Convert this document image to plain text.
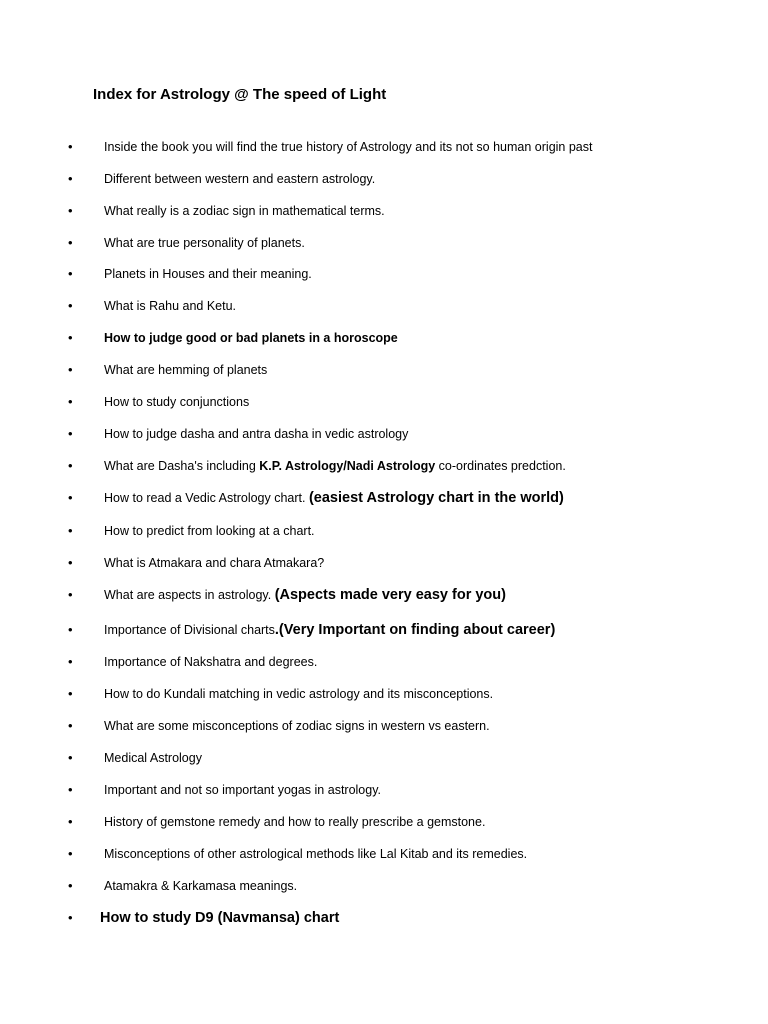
Index for Astrology @ The speed of Light
•	Inside the book you will find the true history of Astrology and its not so human origin past
•	Different between western and eastern astrology.
•	What really is a zodiac sign in mathematical terms.
•	What are true personality of planets.
•	Planets in Houses and their meaning.
•	What is Rahu and Ketu.
•	How to judge good or bad planets in a horoscope
•	What are hemming of planets
•	How to study conjunctions
•	How to judge dasha and antra dasha in vedic astrology
•	What are Dasha's including K.P. Astrology/Nadi Astrology co-ordinates predction.
•	How to read a Vedic Astrology chart. (easiest Astrology chart in the world)
•	How to predict from looking at a chart.
•	What is Atmakara and chara Atmakara?
•	What are aspects in astrology. (Aspects made very easy for you)
•	Importance of Divisional charts.(Very Important on finding about career)
•	Importance of Nakshatra and degrees.
•	How to do Kundali matching in vedic astrology and its misconceptions.
•	What are some misconceptions of zodiac signs in western vs eastern.
•	Medical Astrology
•	Important and not so important yogas in astrology.
•	History of gemstone remedy and how to really prescribe a gemstone.
•	Misconceptions of other astrological methods like Lal Kitab and its remedies.
•	Atamakra & Karkamasa meanings.
•	How to study D9 (Navmansa) chart
